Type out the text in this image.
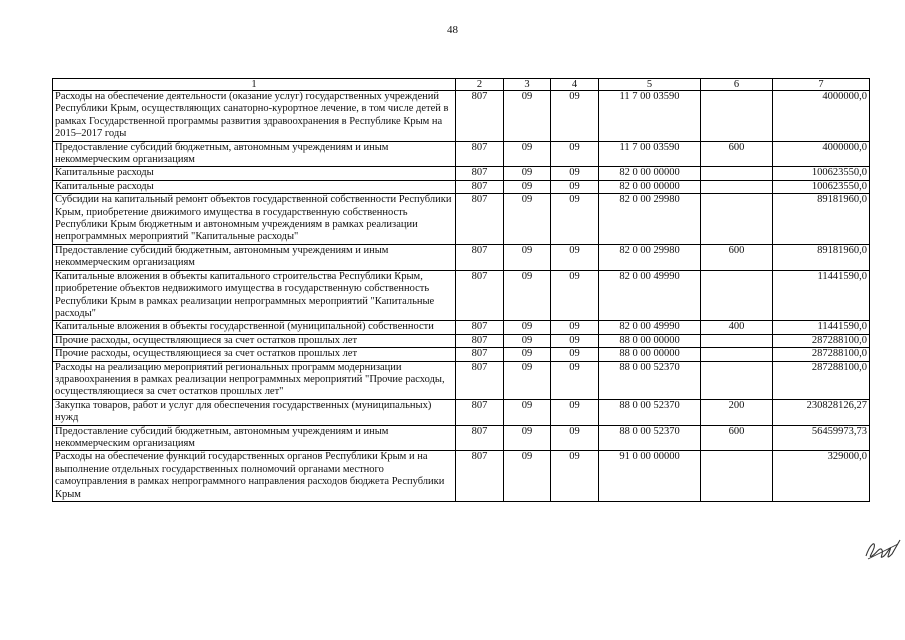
48
1	2	3	4	5	6	7
Расходы на обеспечение деятельности (оказание услуг) государственных учреждений Республики Крым, осуществляющих санаторно-курортное лечение, в том числе детей в рамках Государственной программы развития здравоохранения в Республике Крым на 2015–2017 годы	807	09	09	11 7 00 03590		4000000,0
Предоставление субсидий бюджетным, автономным учреждениям и иным некоммерческим организациям	807	09	09	11 7 00 03590	600	4000000,0
Капитальные расходы	807	09	09	82 0 00 00000		100623550,0
Капитальные расходы	807	09	09	82 0 00 00000		100623550,0
Субсидии на капитальный ремонт объектов государственной собственности Республики Крым, приобретение движимого имущества в государственную собственность Республики Крым бюджетным и автономным учреждениям в рамках реализации непрограммных мероприятий "Капитальные расходы"	807	09	09	82 0 00 29980		89181960,0
Предоставление субсидий бюджетным, автономным учреждениям и иным некоммерческим организациям	807	09	09	82 0 00 29980	600	89181960,0
Капитальные вложения в объекты капитального строительства Республики Крым, приобретение объектов недвижимого имущества в государственную собственность Республики Крым в рамках реализации непрограммных мероприятий "Капитальные расходы"	807	09	09	82 0 00 49990		11441590,0
Капитальные вложения в объекты государственной (муниципальной) собственности	807	09	09	82 0 00 49990	400	11441590,0
Прочие расходы, осуществляющиеся за счет остатков прошлых лет	807	09	09	88 0 00 00000		287288100,0
Прочие расходы, осуществляющиеся за счет остатков прошлых лет	807	09	09	88 0 00 00000		287288100,0
Расходы на реализацию мероприятий региональных программ модернизации здравоохранения в рамках реализации непрограммных мероприятий "Прочие расходы, осуществляющиеся за счет остатков прошлых лет"	807	09	09	88 0 00 52370		287288100,0
Закупка товаров, работ и услуг для обеспечения государственных (муниципальных) нужд	807	09	09	88 0 00 52370	200	230828126,27
Предоставление субсидий бюджетным, автономным учреждениям и иным некоммерческим организациям	807	09	09	88 0 00 52370	600	56459973,73
Расходы на обеспечение функций государственных органов Республики Крым и на выполнение отдельных государственных полномочий органами местного самоуправления в рамках непрограммного направления расходов бюджета Республики Крым	807	09	09	91 0 00 00000		329000,0
